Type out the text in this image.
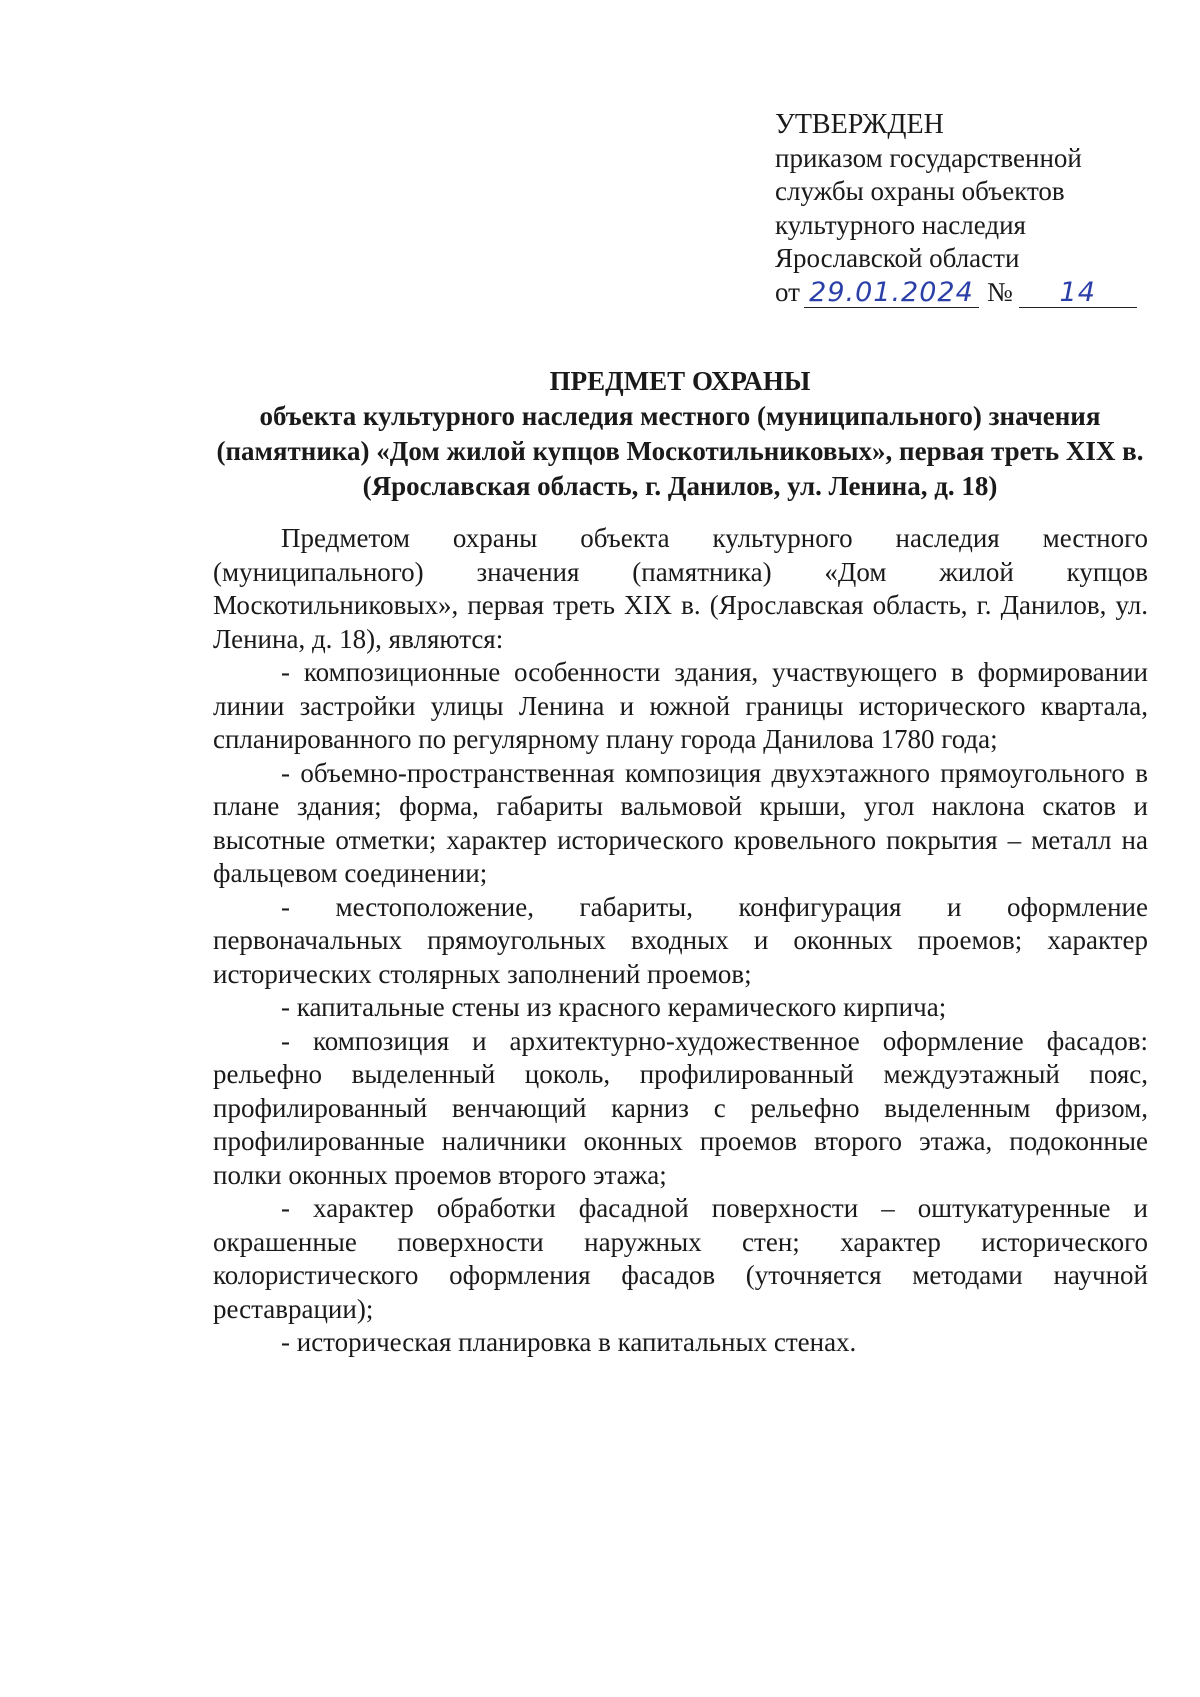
УТВЕРЖДЕН
приказом государственной
службы охраны объектов
культурного наследия
Ярославской области
от 29.01.2024 № 14
ПРЕДМЕТ ОХРАНЫ
объекта культурного наследия местного (муниципального) значения (памятника) «Дом жилой купцов Москотильниковых», первая треть XIX в. (Ярославская область, г. Данилов, ул. Ленина, д. 18)

Предметом охраны объекта культурного наследия местного (муниципального) значения (памятника) «Дом жилой купцов Москотильниковых», первая треть XIX в. (Ярославская область, г. Данилов, ул. Ленина, д. 18), являются:

- композиционные особенности здания, участвующего в формировании линии застройки улицы Ленина и южной границы исторического квартала, спланированного по регулярному плану города Данилова 1780 года;

- объемно-пространственная композиция двухэтажного прямоугольного в плане здания; форма, габариты вальмовой крыши, угол наклона скатов и высотные отметки; характер исторического кровельного покрытия – металл на фальцевом соединении;

- местоположение, габариты, конфигурация и оформление первоначальных прямоугольных входных и оконных проемов; характер исторических столярных заполнений проемов;

- капитальные стены из красного керамического кирпича;

- композиция и архитектурно-художественное оформление фасадов: рельефно выделенный цоколь, профилированный междуэтажный пояс, профилированный венчающий карниз с рельефно выделенным фризом, профилированные наличники оконных проемов второго этажа, подоконные полки оконных проемов второго этажа;

- характер обработки фасадной поверхности – оштукатуренные и окрашенные поверхности наружных стен; характер исторического колористического оформления фасадов (уточняется методами научной реставрации);

- историческая планировка в капитальных стенах.
